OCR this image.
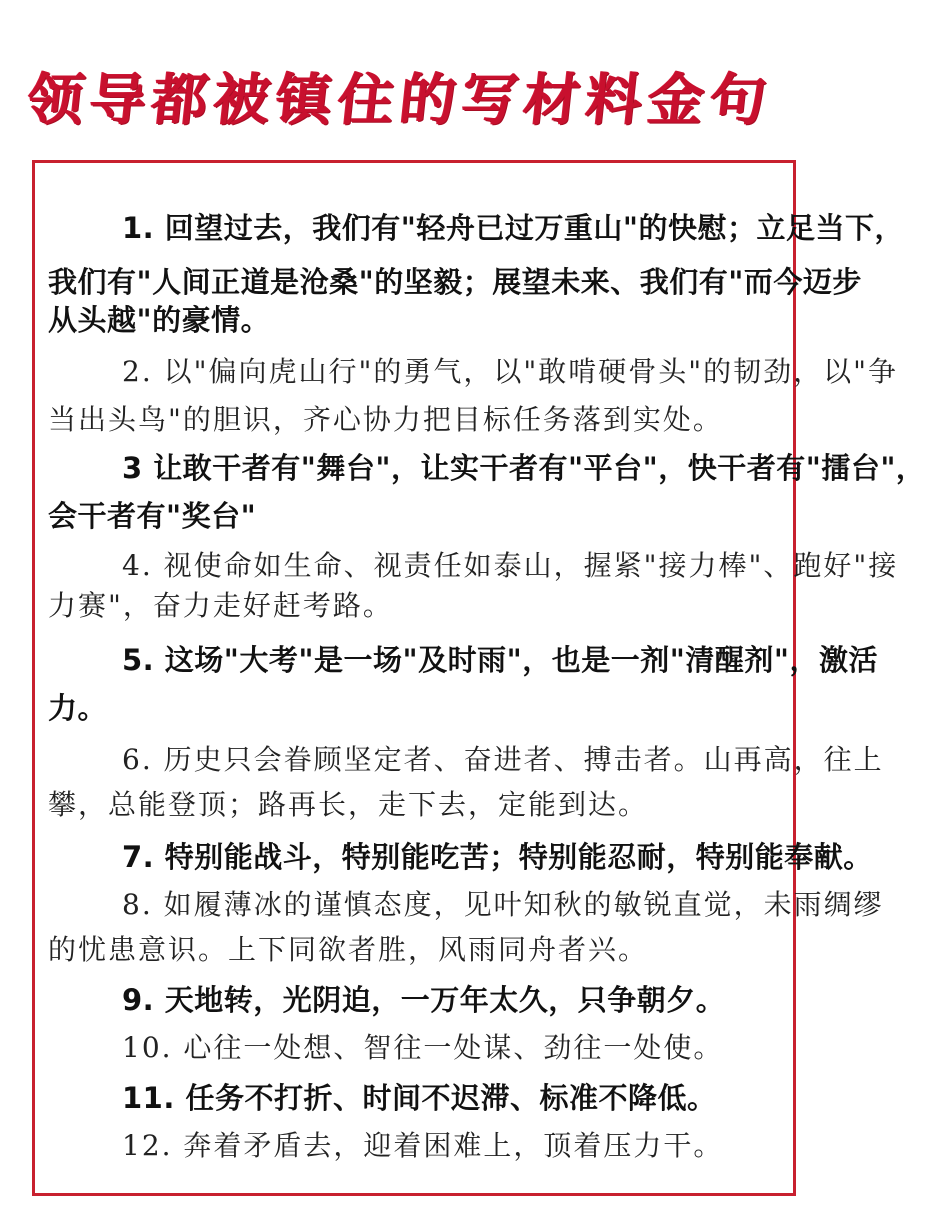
领导都被镇住的写材料金句
1. 回望过去，我们有"轻舟已过万重山"的快慰；立足当下，
我们有"人间正道是沧桑"的坚毅；展望未来、我们有"而今迈步
从头越"的豪情。
2. 以"偏向虎山行"的勇气，以"敢啃硬骨头"的韧劲，以"争
当出头鸟"的胆识，齐心协力把目标任务落到实处。
3 让敢干者有"舞台"，让实干者有"平台"，快干者有"擂台"，
会干者有"奖台"
4. 视使命如生命、视责任如泰山，握紧"接力棒"、跑好"接
力赛"，奋力走好赶考路。
5. 这场"大考"是一场"及时雨"，也是一剂"清醒剂"，激活
力。
6. 历史只会眷顾坚定者、奋进者、搏击者。山再高，往上
攀，总能登顶；路再长，走下去，定能到达。
7. 特别能战斗，特别能吃苦；特别能忍耐，特别能奉献。
8. 如履薄冰的谨慎态度，见叶知秋的敏锐直觉，未雨绸缪
的忧患意识。上下同欲者胜，风雨同舟者兴。
9. 天地转，光阴迫，一万年太久，只争朝夕。
10. 心往一处想、智往一处谋、劲往一处使。
11. 任务不打折、时间不迟滞、标准不降低。
12. 奔着矛盾去，迎着困难上，顶着压力干。
